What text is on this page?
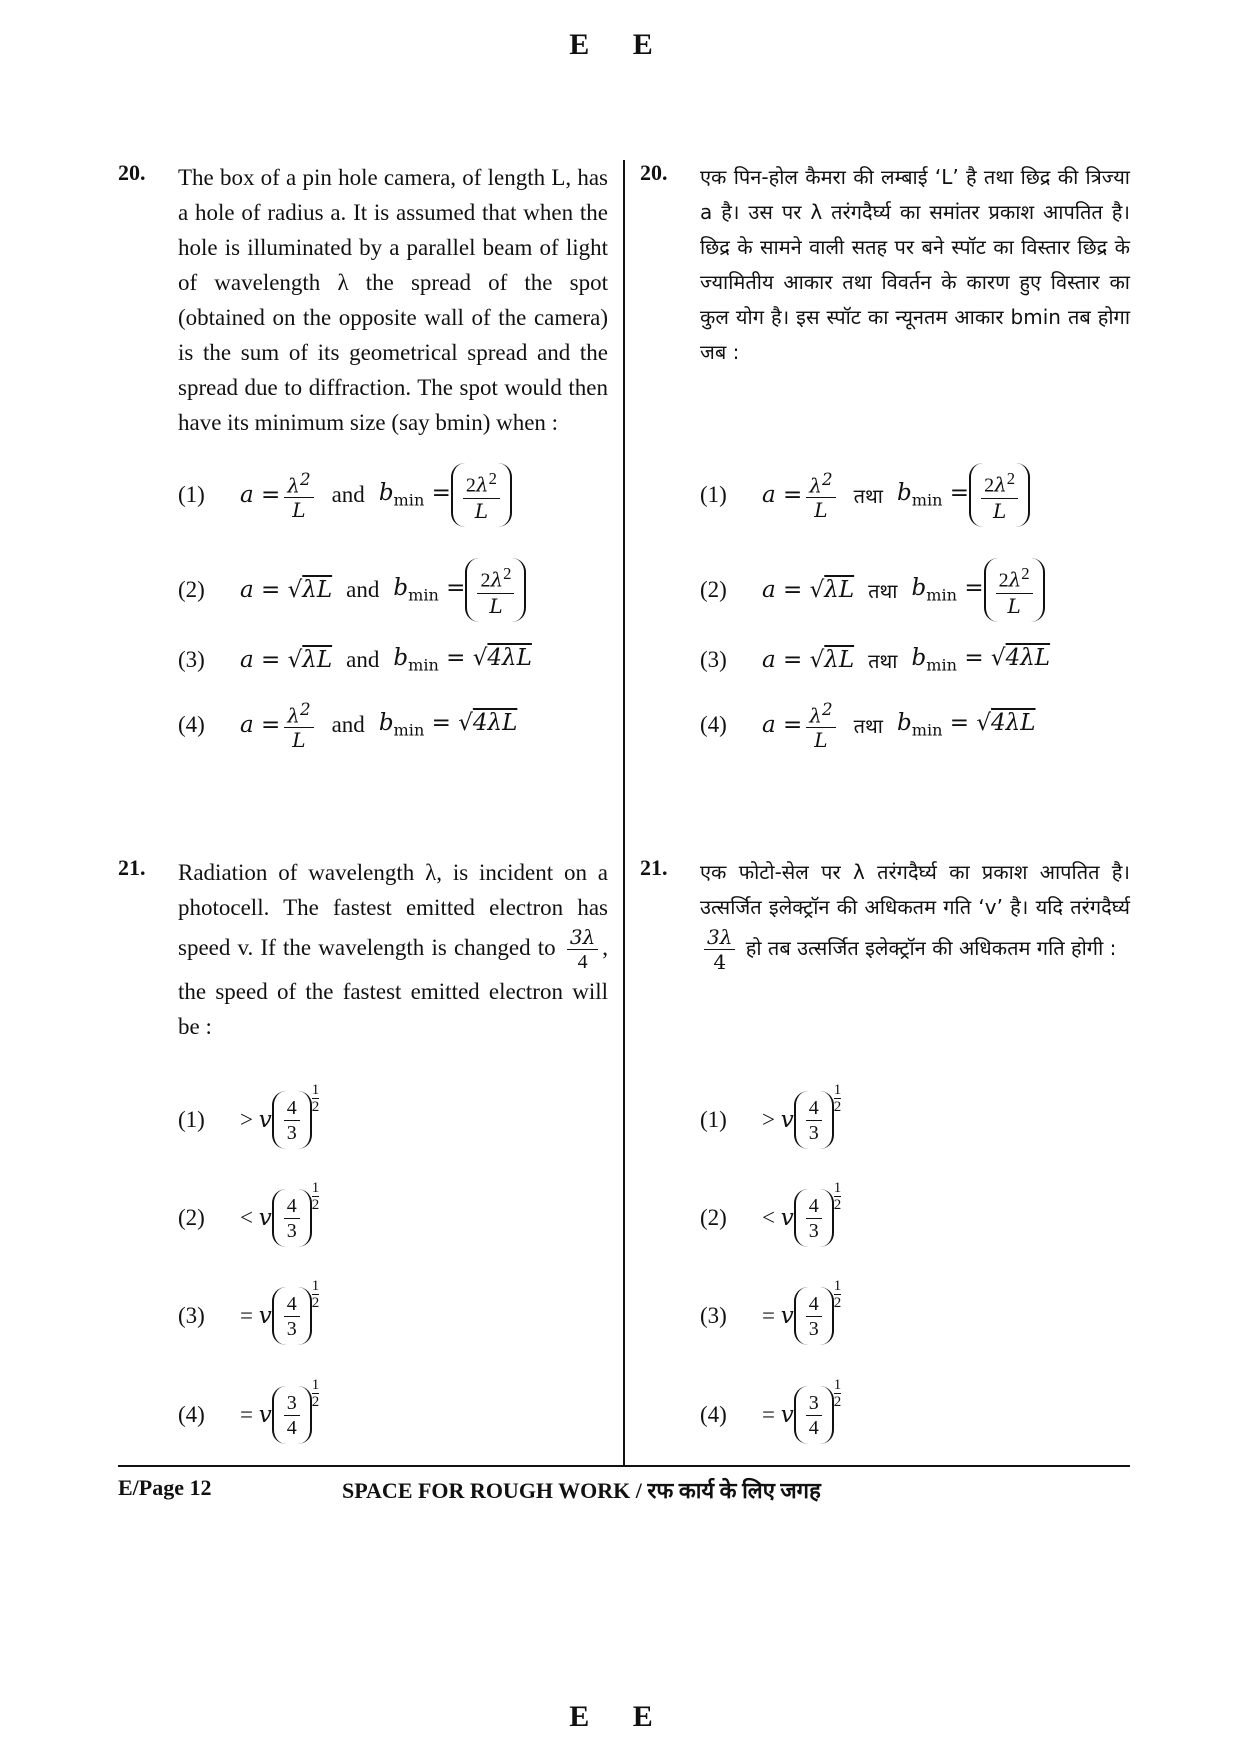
E E
20. The box of a pin hole camera, of length L, has a hole of radius a. It is assumed that when the hole is illuminated by a parallel beam of light of wavelength λ the spread of the spot (obtained on the opposite wall of the camera) is the sum of its geometrical spread and the spread due to diffraction. The spot would then have its minimum size (say bmin) when :
(1)	$a = \frac{\lambda^2}{L}$ and $b_{min} = \frac{2\lambda^2}{L}$
(2)	a = √λL and $b_{min} = \frac{2\lambda^2}{L}$
(3)	a = √λL and $b_{min} = √4\lambda L$
(4)	$a = \frac{\lambda^2}{L}$ and $b_{min} = √4\lambda L$
21. Radiation of wavelength λ, is incident on a photocell. The fastest emitted electron has speed v. If the wavelength is changed to $\frac{3\lambda}{4}$ , the speed of the fastest emitted electron will be :
(1)	>
v $\frac{4}{3}$
1
2
(2)	<
v $\frac{4}{3}$
1
2
(3)	=
v $\frac{4}{3}$
1
2
(4)	=
v $\frac{3}{4}$
1
2
20. एक पिन-होल कैमरा की लम्बाई ‘L’ है तथा छिद्र की त्रिज्या a है। उस पर λ तरंगदैर्घ्य का समांतर प्रकाश आपतित है। छिद्र के सामने वाली सतह पर बने स्पॉट का विस्तार छिद्र के ज्यामितीय आकार तथा विवर्तन के कारण हुए विस्तार का कुल योग है। इस स्पॉट का न्यूनतम आकार bmin तब होगा जब :
(1)	$a = \frac{\lambda^2}{L}$ तथा $b_{min} = \frac{2\lambda^2}{L}$
(2)	a = √λL तथा $b_{min} = \frac{2\lambda^2}{L}$
(3)	a = √λL तथा $b_{min} = √4\lambda L$
(4)	$a = \frac{\lambda^2}{L}$ तथा $b_{min} = √4\lambda L$
21. एक फोटो-सेल पर λ तरंगदैर्घ्य का प्रकाश आपतित है। उत्सर्जित इलेक्ट्रॉन की अधिकतम गति ‘v’ है। यदि तरंगदैर्घ्य
$\frac{3\lambda}{4}$ हो तब उत्सर्जित इलेक्ट्रॉन की अधिकतम गति होगी :
(1)	>
v $\frac{4}{3}$
1
2
(2)	<
v $\frac{4}{3}$
1
2
(3)	=
v $\frac{4}{3}$
1
2
(4)	=
v $\frac{3}{4}$
1
2
E/Page 12	SPACE FOR ROUGH WORK / रफ कार्य के लिए जगह
E E
